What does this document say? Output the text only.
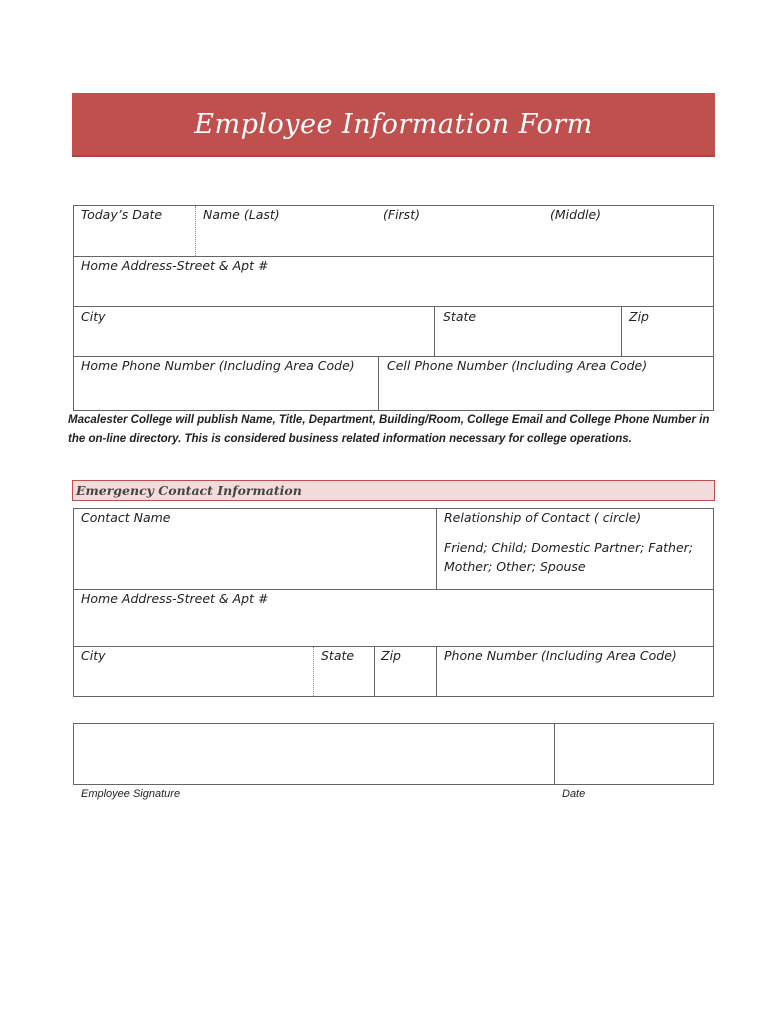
Employee Information Form
Today’s Date	Name (Last)	(First)	(Middle)
Home Address-Street & Apt #
City	State	Zip
Home Phone Number (Including Area Code)	Cell Phone Number (Including Area Code)
Macalester College will publish Name, Title, Department, Building/Room, College Email and College Phone Number in the on-line directory. This is considered business related information necessary for college operations.
Emergency Contact Information
Contact Name	Relationship of Contact ( circle)
Friend; Child; Domestic Partner; Father; Mother; Other; Spouse
Home Address-Street & Apt #
City	State Zip	Phone Number (Including Area Code)
Employee Signature	Date
